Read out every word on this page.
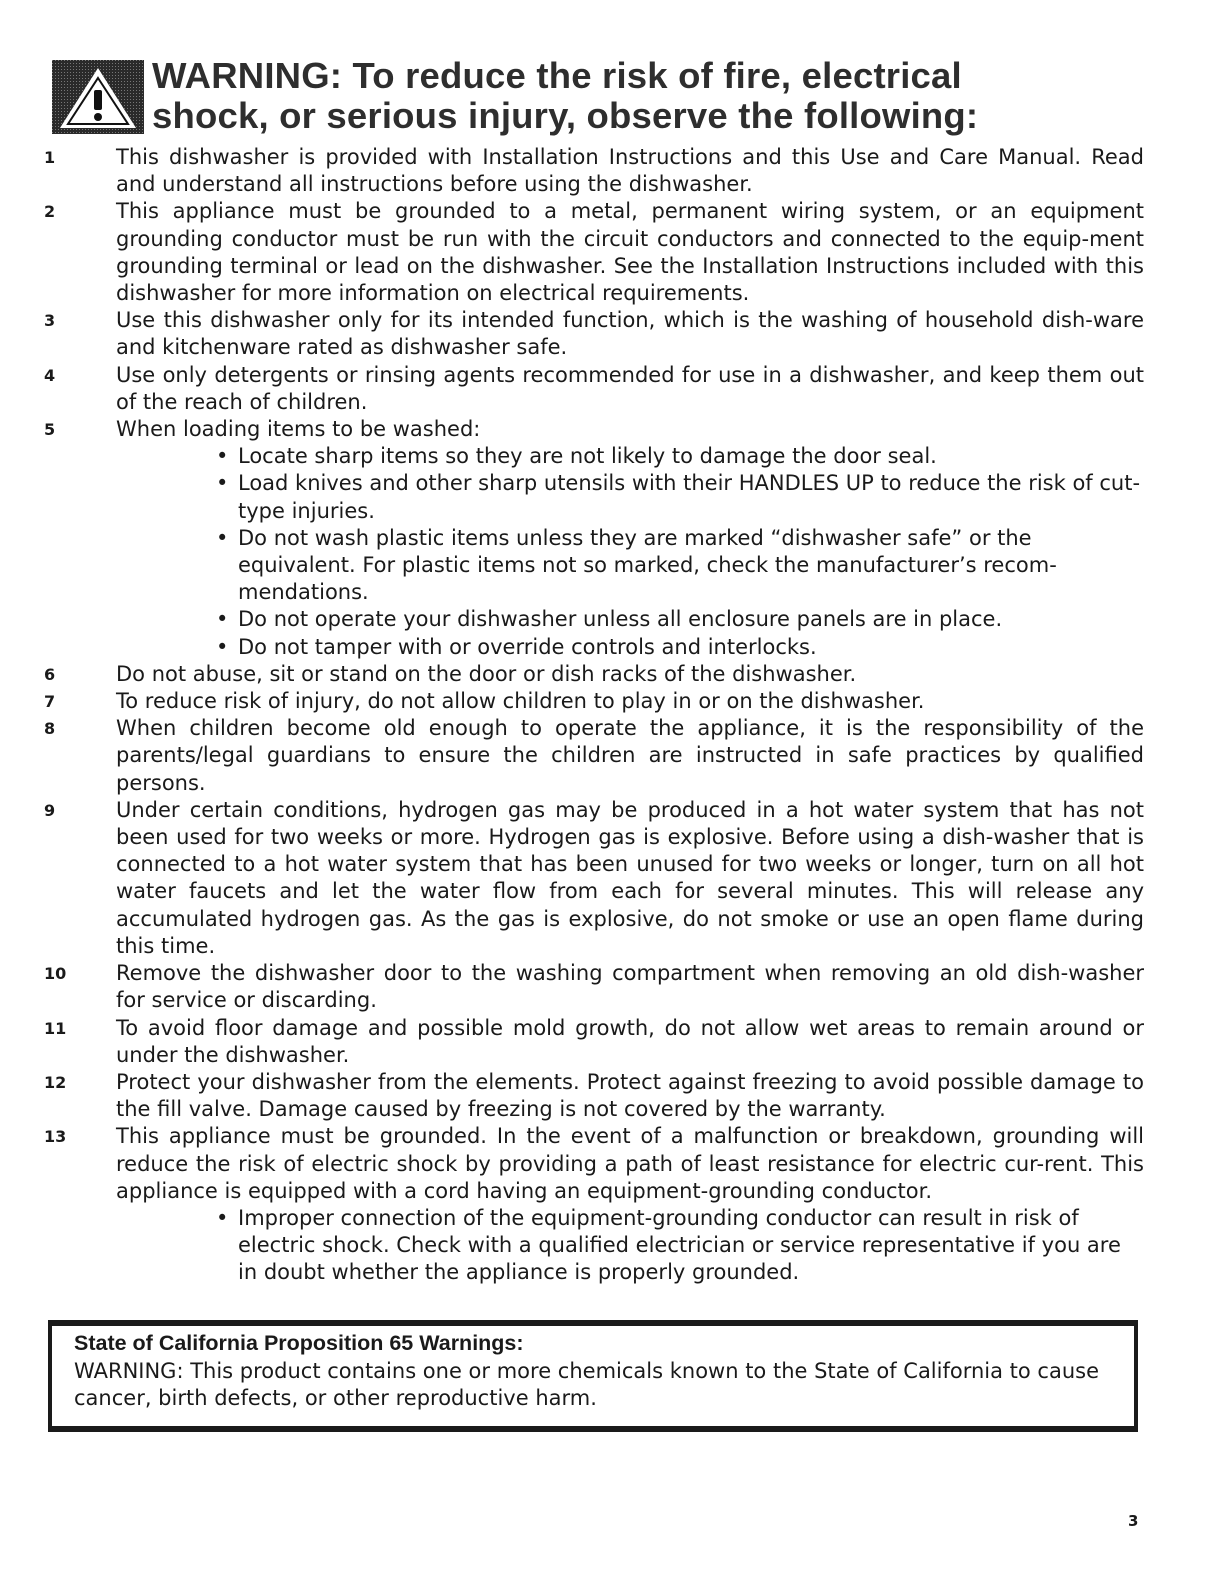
WARNING: To reduce the risk of fire, electrical
shock, or serious injury, observe the following:
1	This dishwasher is provided with Installation Instructions and this Use and Care Manual. Read and understand all instructions before using the dishwasher.
2	This appliance must be grounded to a metal, permanent wiring system, or an equipment grounding conductor must be run with the circuit conductors and connected to the equip-ment grounding terminal or lead on the dishwasher. See the Installation Instructions included with this dishwasher for more information on electrical requirements.
3	Use this dishwasher only for its intended function, which is the washing of household dish-ware and kitchenware rated as dishwasher safe.
4	Use only detergents or rinsing agents recommended for use in a dishwasher, and keep them out of the reach of children.
5	When loading items to be washed:
• Locate sharp items so they are not likely to damage the door seal.
• Load knives and other sharp utensils with their HANDLES UP to reduce the risk of cut-type injuries.
• Do not wash plastic items unless they are marked “dishwasher safe” or the equivalent. For plastic items not so marked, check the manufacturer’s recom-mendations.
• Do not operate your dishwasher unless all enclosure panels are in place.
• Do not tamper with or override controls and interlocks.
6	Do not abuse, sit or stand on the door or dish racks of the dishwasher.
7	To reduce risk of injury, do not allow children to play in or on the dishwasher.
8	When children become old enough to operate the appliance, it is the responsibility of the parents/legal guardians to ensure the children are instructed in safe practices by qualified persons.
9	Under certain conditions, hydrogen gas may be produced in a hot water system that has not been used for two weeks or more. Hydrogen gas is explosive. Before using a dish-washer that is connected to a hot water system that has been unused for two weeks or longer, turn on all hot water faucets and let the water flow from each for several minutes. This will release any accumulated hydrogen gas. As the gas is explosive, do not smoke or use an open flame during this time.
10	Remove the dishwasher door to the washing compartment when removing an old dish-washer for service or discarding.
11	To avoid floor damage and possible mold growth, do not allow wet areas to remain around or under the dishwasher.
12	Protect your dishwasher from the elements. Protect against freezing to avoid possible damage to the fill valve. Damage caused by freezing is not covered by the warranty.
13	This appliance must be grounded. In the event of a malfunction or breakdown, grounding will reduce the risk of electric shock by providing a path of least resistance for electric cur-rent. This appliance is equipped with a cord having an equipment-grounding conductor.
• Improper connection of the equipment-grounding conductor can result in risk of electric shock. Check with a qualified electrician or service representative if you are in doubt whether the appliance is properly grounded.
State of California Proposition 65 Warnings:
WARNING: This product contains one or more chemicals known to the State of California to cause cancer, birth defects, or other reproductive harm.
3
